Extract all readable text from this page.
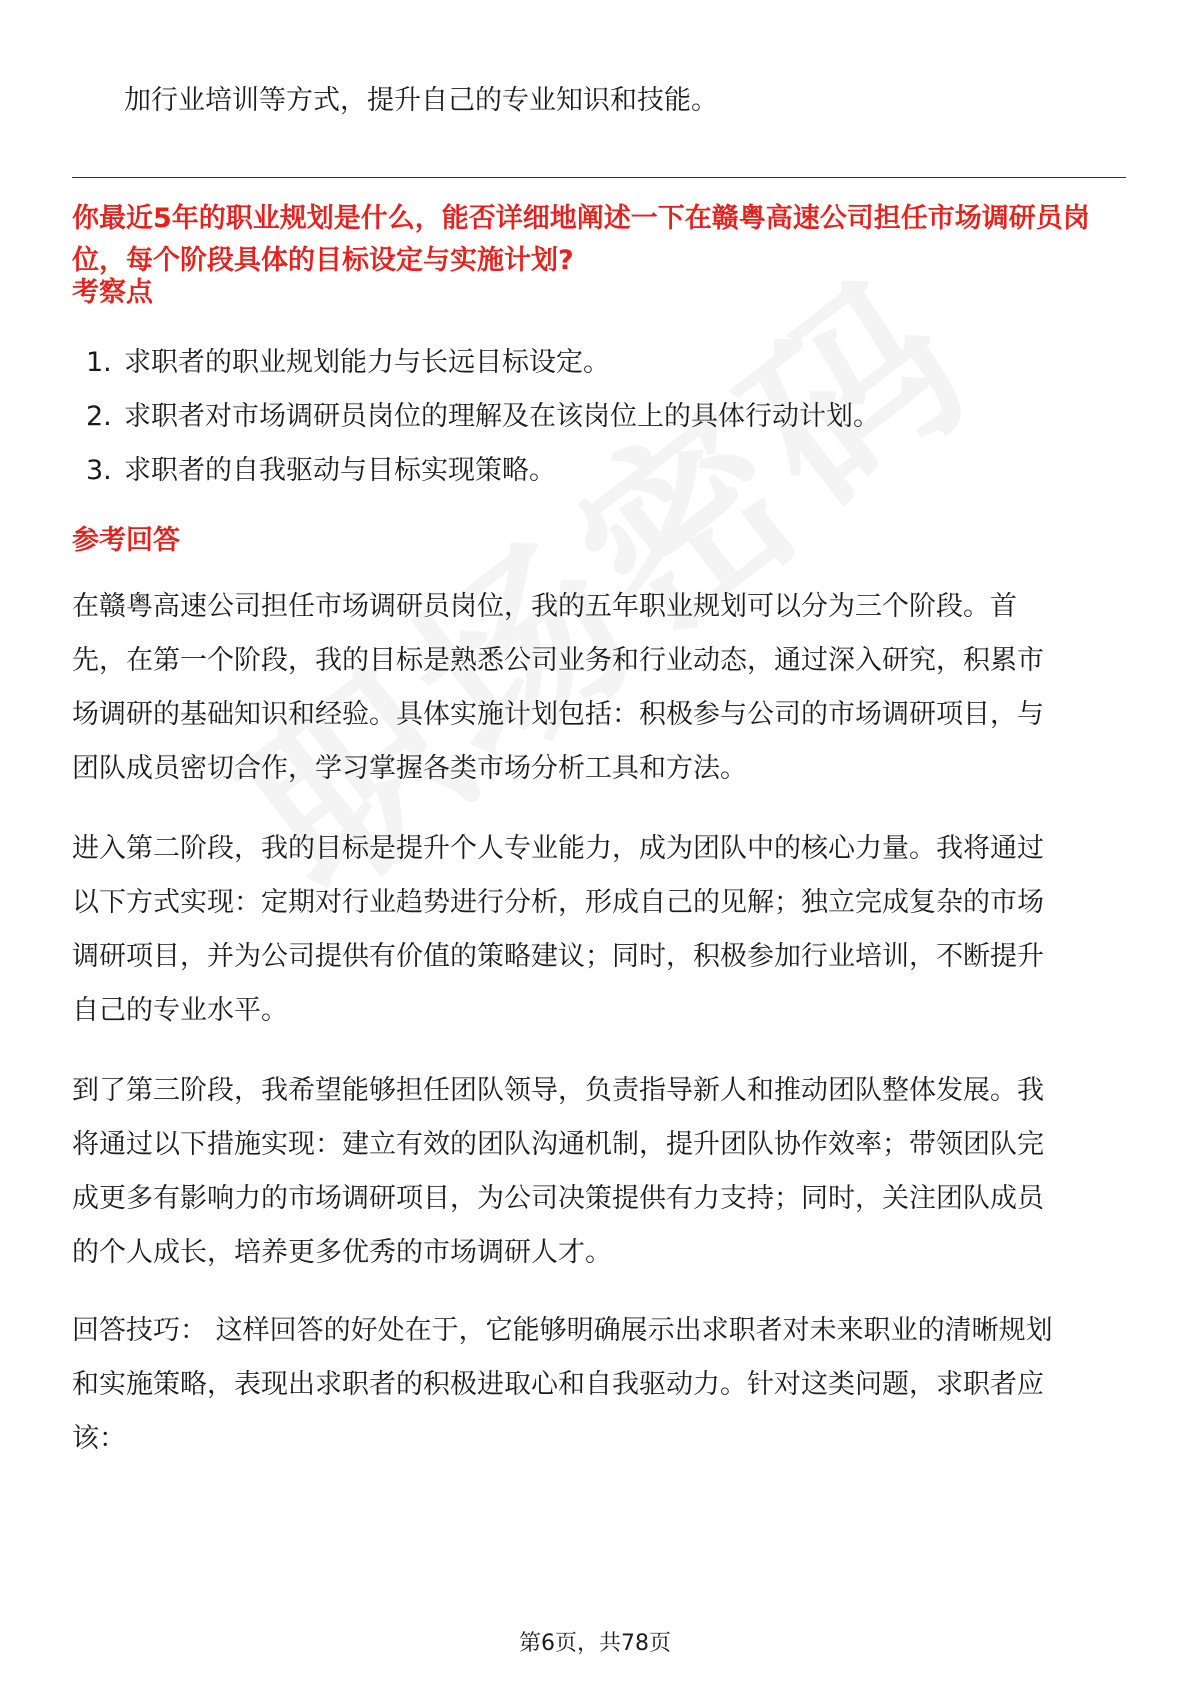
加行业培训等方式，提升自己的专业知识和技能。
你最近5年的职业规划是什么，能否详细地阐述一下在赣粤高速公司担任市场调研员岗位，每个阶段具体的目标设定与实施计划?
考察点
1. 求职者的职业规划能力与长远目标设定。
2. 求职者对市场调研员岗位的理解及在该岗位上的具体行动计划。
3. 求职者的自我驱动与目标实现策略。
参考回答
在赣粤高速公司担任市场调研员岗位，我的五年职业规划可以分为三个阶段。首
先，在第一个阶段，我的目标是熟悉公司业务和行业动态，通过深入研究，积累市
场调研的基础知识和经验。具体实施计划包括：积极参与公司的市场调研项目，与
团队成员密切合作，学习掌握各类市场分析工具和方法。
进入第二阶段，我的目标是提升个人专业能力，成为团队中的核心力量。我将通过
以下方式实现：定期对行业趋势进行分析，形成自己的见解；独立完成复杂的市场
调研项目，并为公司提供有价值的策略建议；同时，积极参加行业培训，不断提升
自己的专业水平。
到了第三阶段，我希望能够担任团队领导，负责指导新人和推动团队整体发展。我
将通过以下措施实现：建立有效的团队沟通机制，提升团队协作效率；带领团队完
成更多有影响力的市场调研项目，为公司决策提供有力支持；同时，关注团队成员
的个人成长，培养更多优秀的市场调研人才。
回答技巧： 这样回答的好处在于，它能够明确展示出求职者对未来职业的清晰规划
和实施策略，表现出求职者的积极进取心和自我驱动力。针对这类问题，求职者应
该：
第6页，共78页
